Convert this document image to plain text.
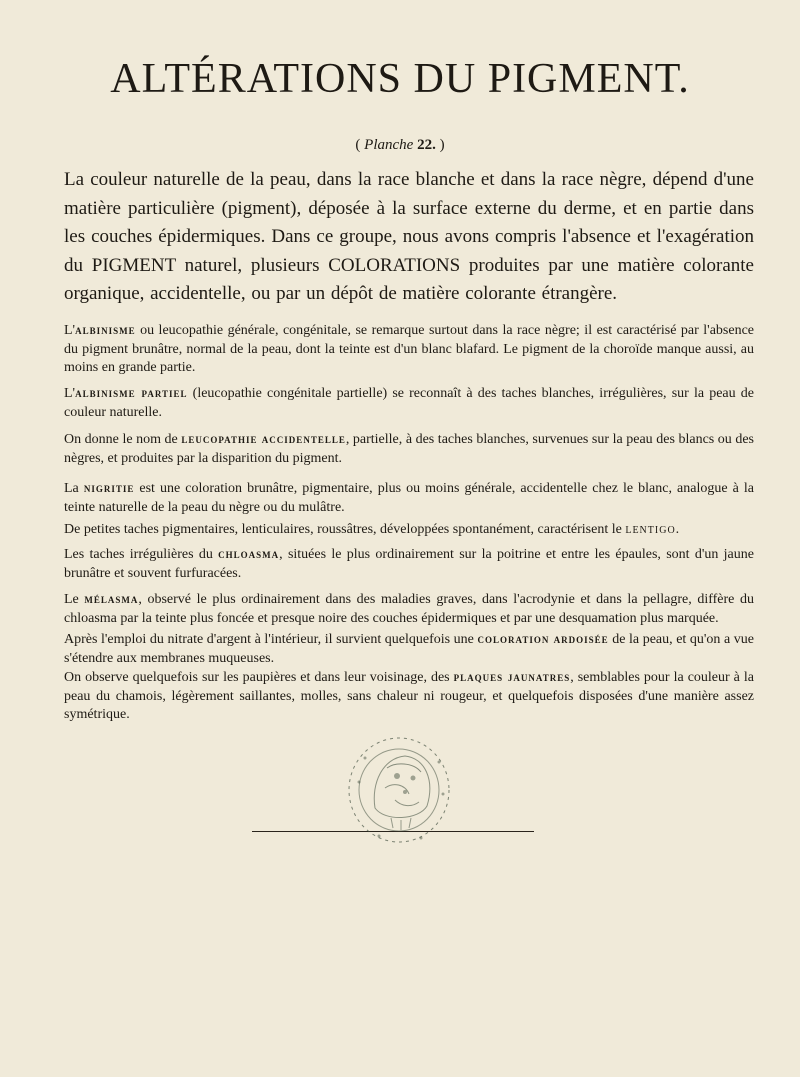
ALTÉRATIONS DU PIGMENT.

( Planche 22. )

La couleur naturelle de la peau, dans la race blanche et dans la race nègre, dépend d'une matière particulière (pigment), déposée à la surface externe du derme, et en partie dans les couches épidermiques. Dans ce groupe, nous avons compris l'absence et l'exagération du PIGMENT naturel, plusieurs COLORATIONS produites par une matière colorante organique, accidentelle, ou par un dépôt de matière colorante étrangère.

L'albinisme ou leucopathie générale, congénitale, se remarque surtout dans la race nègre; il est caractérisé par l'absence du pigment brunâtre, normal de la peau, dont la teinte est d'un blanc blafard. Le pigment de la choroïde manque aussi, au moins en grande partie.

L'albinisme partiel (leucopathie congénitale partielle) se reconnaît à des taches blanches, irrégulières, sur la peau de couleur naturelle.

On donne le nom de leucopathie accidentelle, partielle, à des taches blanches, survenues sur la peau des blancs ou des nègres, et produites par la disparition du pigment.

La nigritie est une coloration brunâtre, pigmentaire, plus ou moins générale, accidentelle chez le blanc, analogue à la teinte naturelle de la peau du nègre ou du mulâtre.

De petites taches pigmentaires, lenticulaires, roussâtres, développées spontanément, caractérisent le lentigo.

Les taches irrégulières du chloasma, situées le plus ordinairement sur la poitrine et entre les épaules, sont d'un jaune brunâtre et souvent furfuracées.

Le mélasma, observé le plus ordinairement dans des maladies graves, dans l'acrodynie et dans la pellagre, diffère du chloasma par la teinte plus foncée et presque noire des couches épidermiques et par une desquamation plus marquée.

Après l'emploi du nitrate d'argent à l'intérieur, il survient quelquefois une coloration ardoisée de la peau, et qu'on a vue s'étendre aux membranes muqueuses.

On observe quelquefois sur les paupières et dans leur voisinage, des plaques jaunatres, semblables pour la couleur à la peau du chamois, légèrement saillantes, molles, sans chaleur ni rougeur, et quelquefois disposées d'une manière assez symétrique.
